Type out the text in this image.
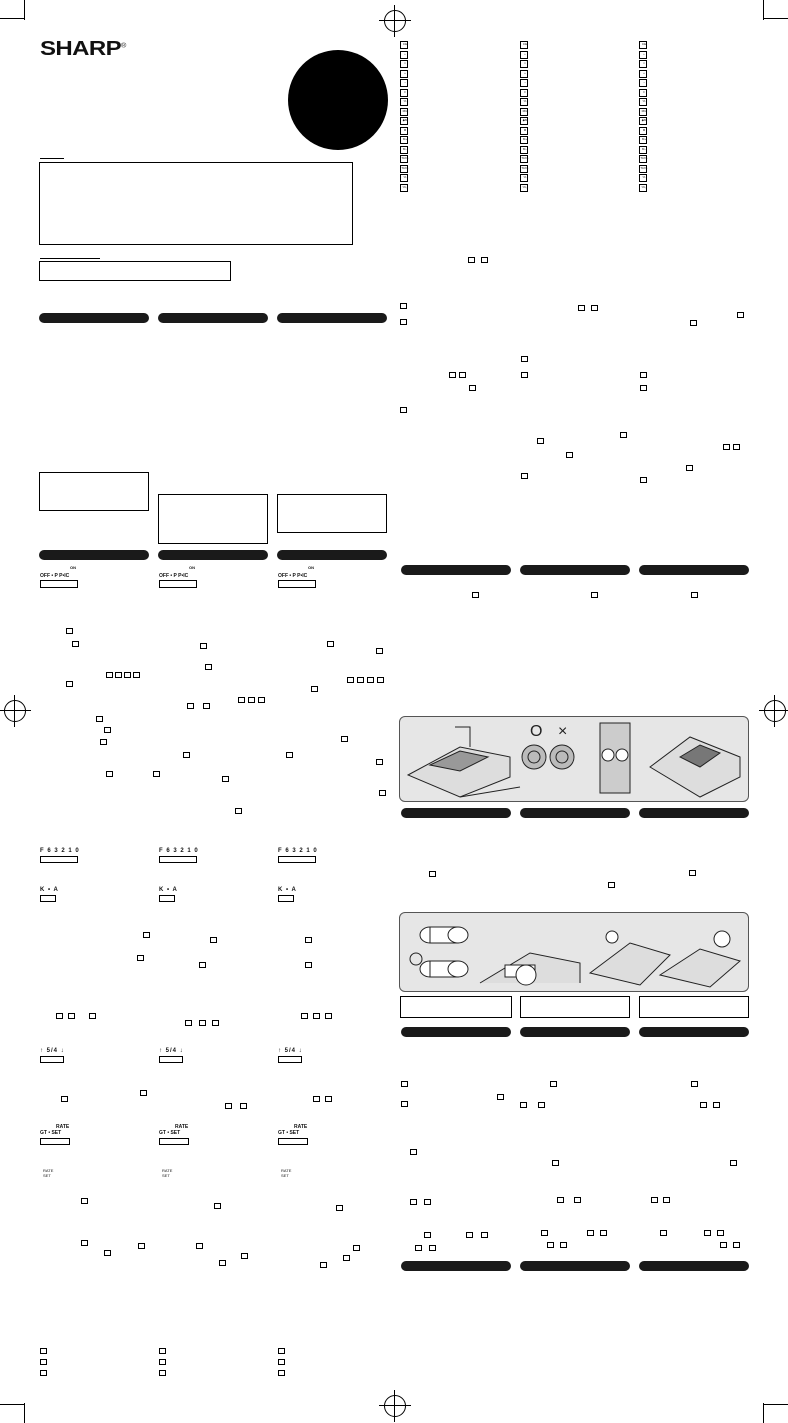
SHARP®
ON
OFF • P P•IC
ON
OFF • P P•IC
ON
OFF • P P•IC
F 6 3 2 1 0	F 6 3 2 1 0	F 6 3 2 1 0
K • A	K • A	K • A
↑ 5/4 ↓	↑ 5/4 ↓	↑ 5/4 ↓
RATE
GT • SET
RATE
GT • SET
RATE
GT • SET
RATE SET
RATE SET
RATE SET
CE
÷
×
+
→
±
%
MU
◆M
M
M+
M−
TAX+
TAX−
%
%/₀
CE
÷
×
+
→
±
%
MU
◆M
M
M+
M−
TAX+
TAX−
%
%/₀
CE
÷
×
+
→
±
%
MU
◆M
M
M+
M−
TAX+
TAX−
%
%/₀
O ×
